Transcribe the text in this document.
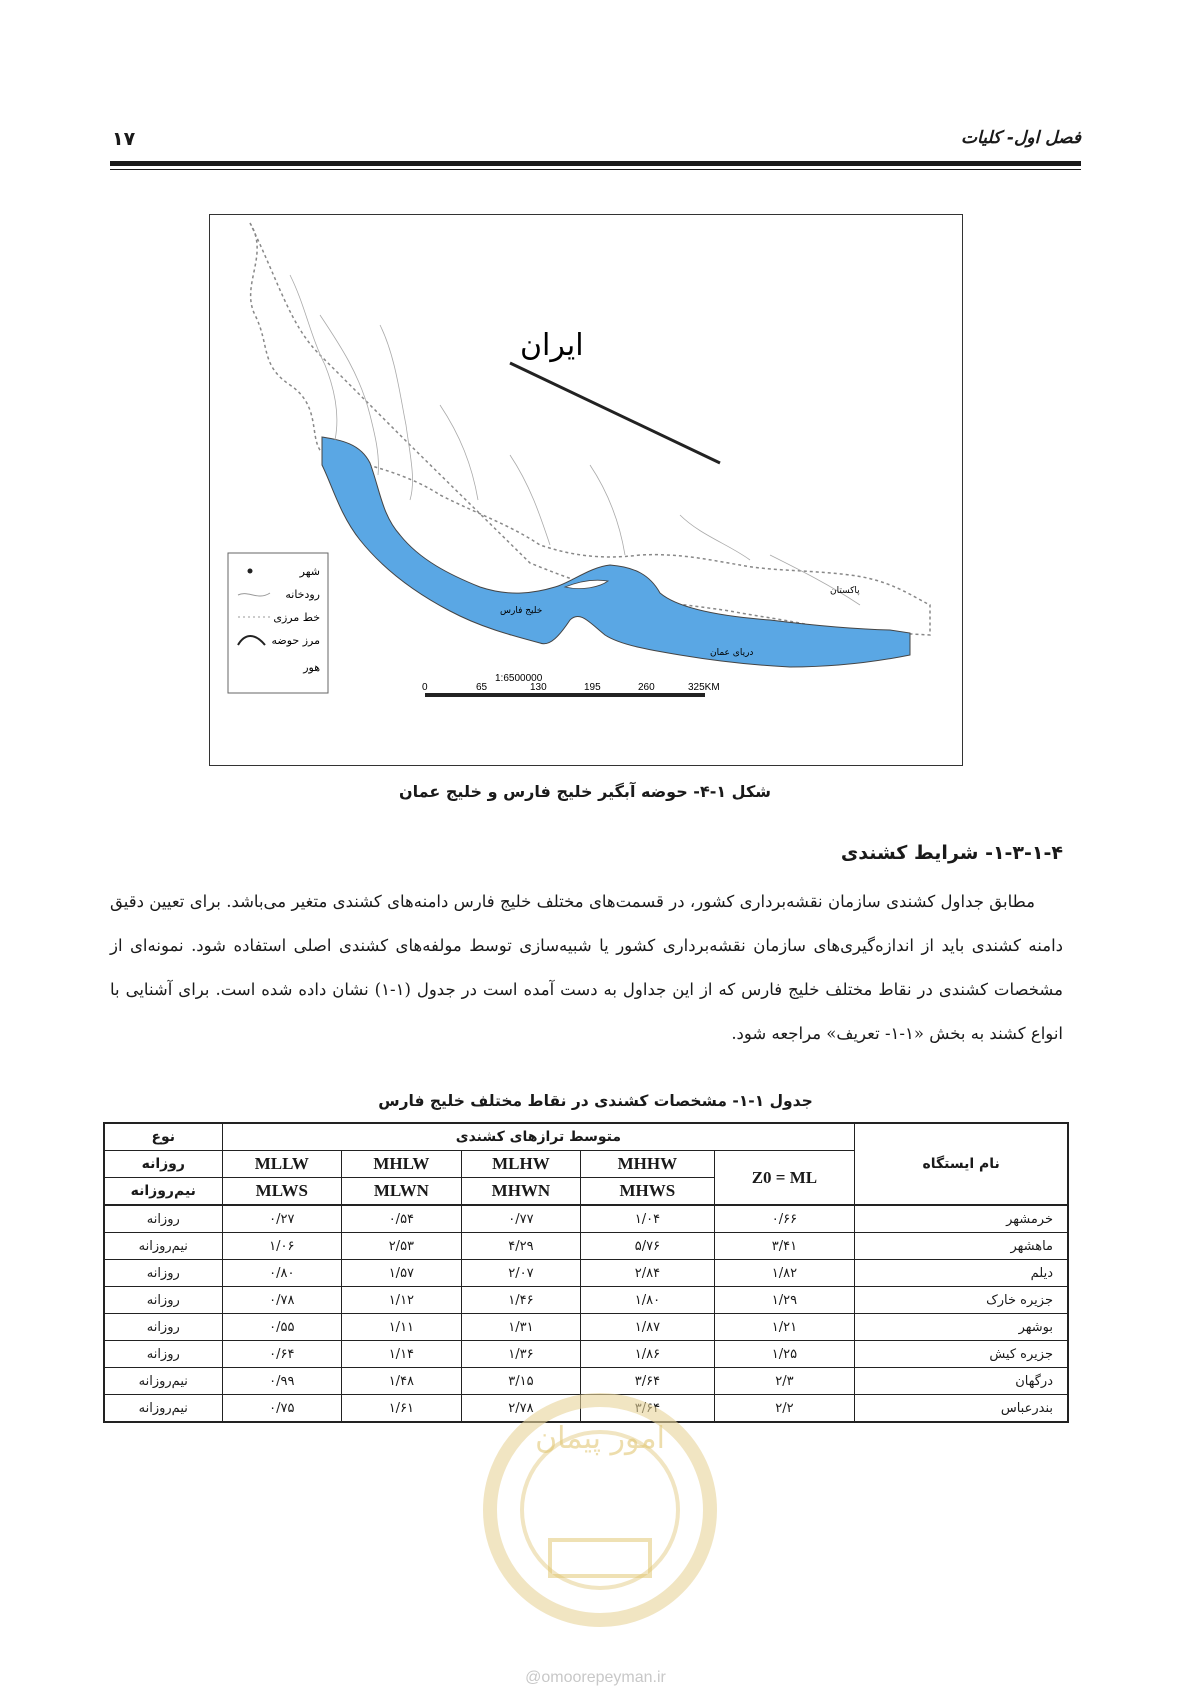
فصل اول- کلیات
۱۷
ایران
شهر
رودخانه
خط مرزی
مرز حوضه
هور
1:6500000
0	65	130	195	260	325KM
خلیج فارس
دریای عمان
پاکستان
شکل ۱-۴- حوضه آبگیر خلیج فارس و خلیج عمان
۱-۳-۱-۴- شرایط کشندی

مطابق جداول کشندی سازمان نقشه‌برداری کشور، در قسمت‌های مختلف خلیج فارس دامنه‌های کشندی متغیر می‌باشد. برای تعیین دقیق دامنه کشندی باید از اندازه‌گیری‌های سازمان نقشه‌برداری کشور یا شبیه‌سازی توسط مولفه‌های کشندی اصلی استفاده شود. نمونه‌ای از مشخصات کشندی در نقاط مختلف خلیج فارس که از این جداول به دست آمده است در جدول (۱-۱) نشان داده شده است. برای آشنایی با انواع کشند به بخش «۱-۱- تعریف» مراجعه شود.

جدول ۱-۱- مشخصات کشندی در نقاط مختلف خلیج فارس
نام ایستگاه	متوسط ترازهای کشندی					نوع
	Z0 = ML	MHHW	MLHW	MHLW	MLLW	روزانه
		MHWS	MHWN	MLWN	MLWS	نیم‌روزانه
خرمشهر	۰/۶۶	۱/۰۴	۰/۷۷	۰/۵۴	۰/۲۷	روزانه
ماهشهر	۳/۴۱	۵/۷۶	۴/۲۹	۲/۵۳	۱/۰۶	نیم‌روزانه
دیلم	۱/۸۲	۲/۸۴	۲/۰۷	۱/۵۷	۰/۸۰	روزانه
جزیره خارک	۱/۲۹	۱/۸۰	۱/۴۶	۱/۱۲	۰/۷۸	روزانه
بوشهر	۱/۲۱	۱/۸۷	۱/۳۱	۱/۱۱	۰/۵۵	روزانه
جزیره کیش	۱/۲۵	۱/۸۶	۱/۳۶	۱/۱۴	۰/۶۴	روزانه
درگهان	۲/۳	۳/۶۴	۳/۱۵	۱/۴۸	۰/۹۹	نیم‌روزانه
بندرعباس	۲/۲	۳/۶۴	۲/۷۸	۱/۶۱	۰/۷۵	نیم‌روزانه
امور پیمان
@omoorepeyman.ir
